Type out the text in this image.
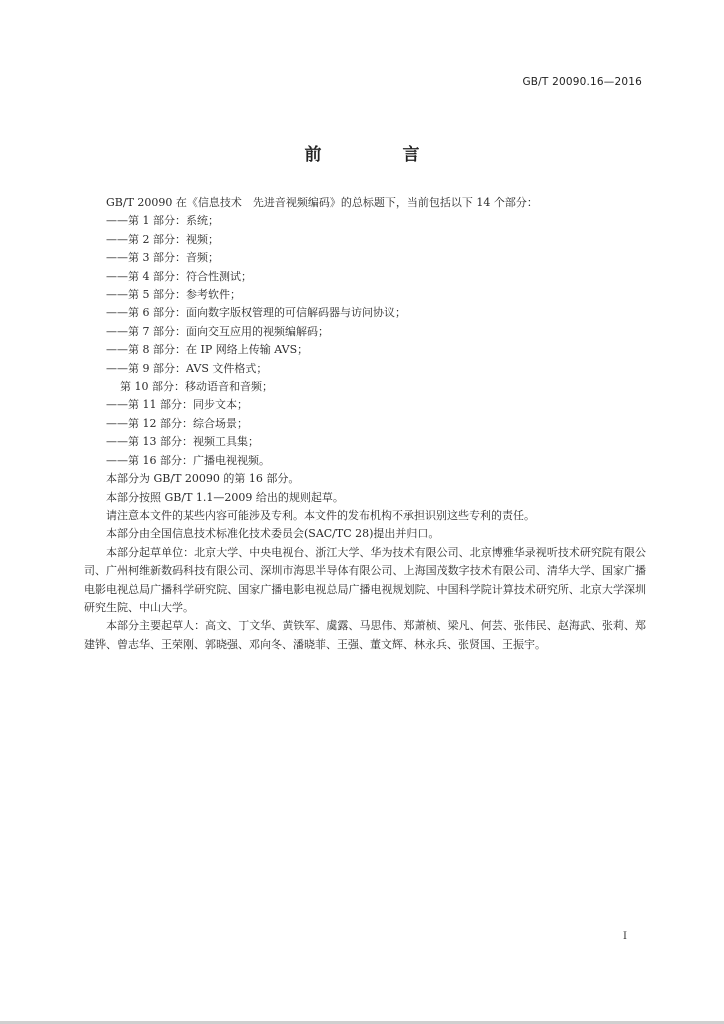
GB/T 20090.16—2016
前　言

GB/T 20090 在《信息技术　先进音视频编码》的总标题下，当前包括以下 14 个部分：

——第 1 部分：系统；
——第 2 部分：视频；
——第 3 部分：音频；
——第 4 部分：符合性测试；
——第 5 部分：参考软件；
——第 6 部分：面向数字版权管理的可信解码器与访问协议；
——第 7 部分：面向交互应用的视频编解码；
——第 8 部分：在 IP 网络上传输 AVS；
——第 9 部分：AVS 文件格式；
第 10 部分：移动语音和音频；
——第 11 部分：同步文本；
——第 12 部分：综合场景；
——第 13 部分：视频工具集；
——第 16 部分：广播电视视频。

本部分为 GB/T 20090 的第 16 部分。

本部分按照 GB/T 1.1—2009 给出的规则起草。

请注意本文件的某些内容可能涉及专利。本文件的发布机构不承担识别这些专利的责任。

本部分由全国信息技术标准化技术委员会(SAC/TC 28)提出并归口。

本部分起草单位：北京大学、中央电视台、浙江大学、华为技术有限公司、北京博雅华录视听技术研究院有限公司、广州柯维新数码科技有限公司、深圳市海思半导体有限公司、上海国茂数字技术有限公司、清华大学、国家广播电影电视总局广播科学研究院、国家广播电影电视总局广播电视规划院、中国科学院计算技术研究所、北京大学深圳研究生院、中山大学。

本部分主要起草人：高文、丁文华、黄铁军、虞露、马思伟、郑萧桢、梁凡、何芸、张伟民、赵海武、张莉、郑建铧、曾志华、王荣刚、郭晓强、邓向冬、潘晓菲、王强、董文辉、林永兵、张贤国、王振宇。

I
